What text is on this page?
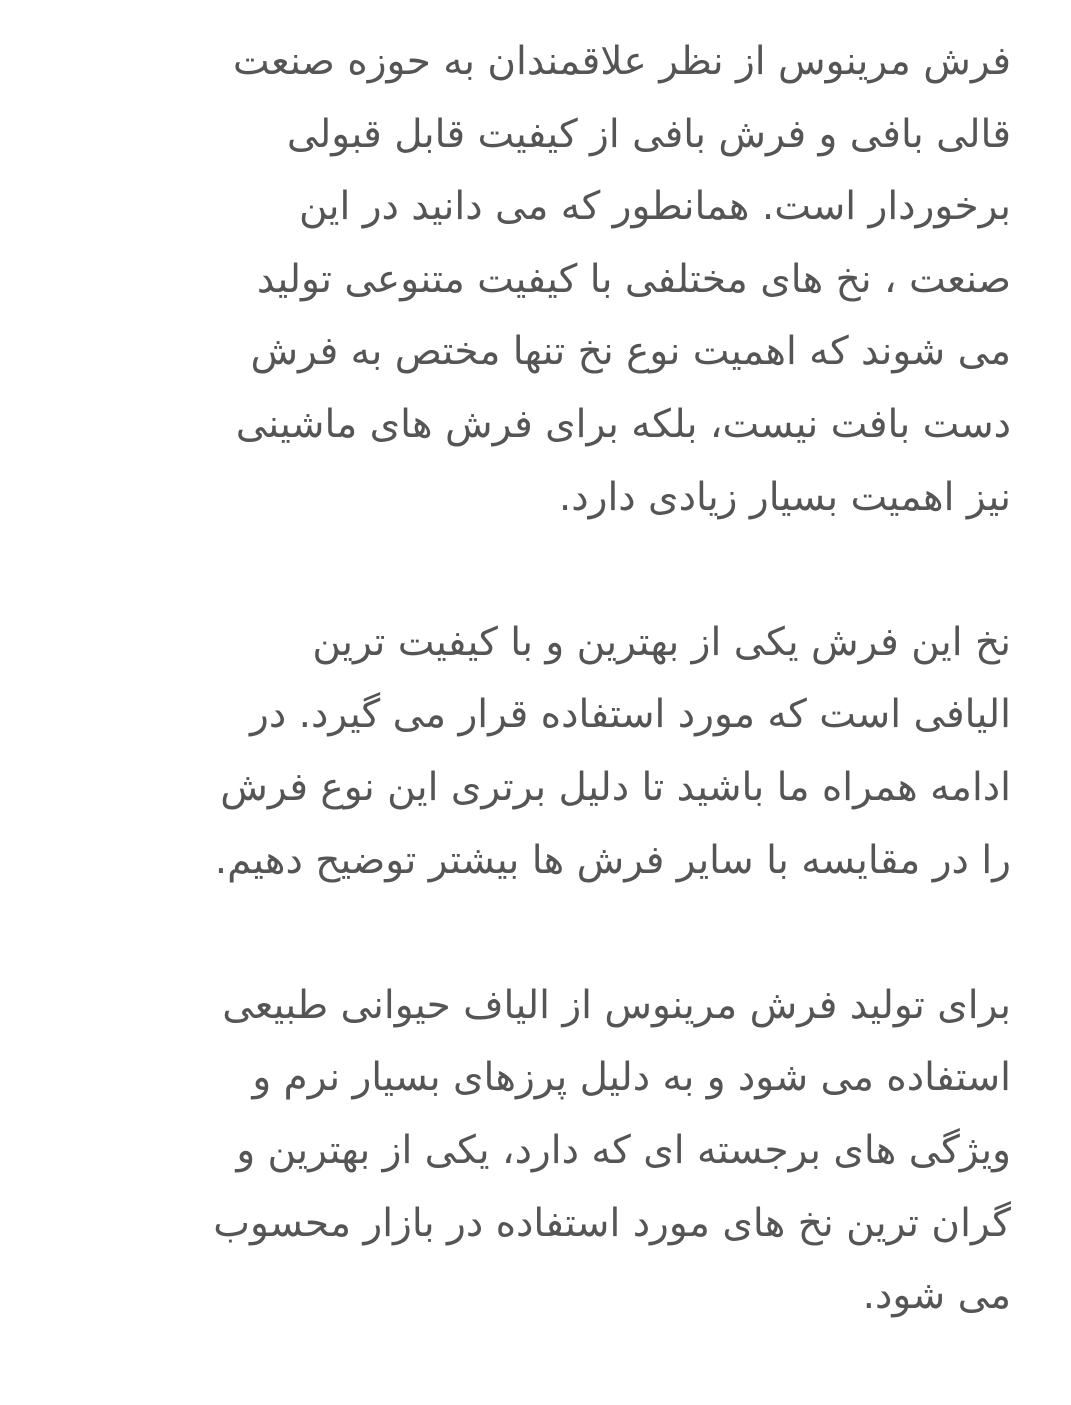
فرش مرینوس از نظر علاقمندان به حوزه صنعت
قالی بافی و فرش بافی از کیفیت قابل قبولی
برخوردار است. همانطور که می دانید در این
صنعت ، نخ های مختلفی با کیفیت متنوعی تولید
می شوند که اهمیت نوع نخ تنها مختص به فرش
دست بافت نیست، بلکه برای فرش های ماشینی
نیز اهمیت بسیار زیادی دارد.

نخ این فرش یکی از بهترین و با کیفیت ترین
الیافی است که مورد استفاده قرار می گیرد. در
ادامه همراه ما باشید تا دلیل برتری این نوع فرش
را در مقایسه با سایر فرش ها بیشتر توضیح دهیم.

برای تولید فرش مرینوس از الیاف حیوانی طبیعی
استفاده می شود و به دلیل پرزهای بسیار نرم و
ویژگی های برجسته ای که دارد، یکی از بهترین و
گران ترین نخ های مورد استفاده در بازار محسوب
می شود.
